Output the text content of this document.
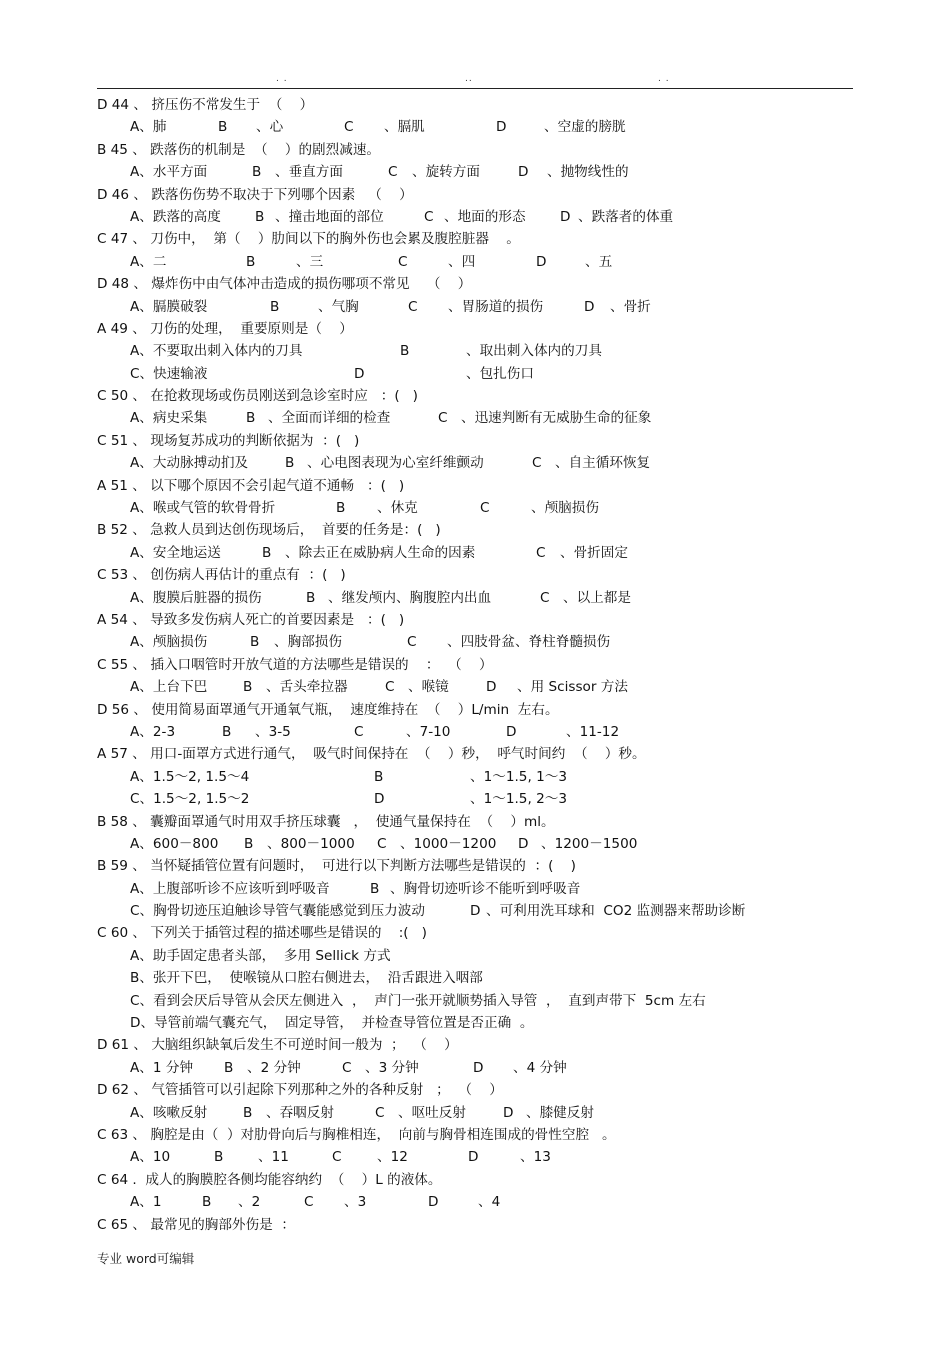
. .	..	. .
D 44 、 挤压伤不常发生于  （    ）
A、肺	B 、心	C 、膈肌	D	、空虚的膀胱
B 45 、 跌落伤的机制是  （    ）的剧烈减速。
A、水平方面	B 、垂直方面	C 、旋转方面	D 、抛物线性的
D 46 、 跌落伤伤势不取决于下列哪个因素   （    ）
A、跌落的高度	B 、撞击地面的部位	C 、地面的形态	D 、跌落者的体重
C 47 、 刀伤中，  第（    ）肋间以下的胸外伤也会累及腹腔脏器    。
A、二	B	、三	C	、四	D	、五
D 48 、 爆炸伤中由气体冲击造成的损伤哪项不常见    （    ）
A、膈膜破裂	B	、气胸	C 、胃肠道的损伤	D 、骨折
A 49 、 刀伤的处理，  重要原则是（    ）
A、不要取出刺入体内的刀具	B	、取出刺入体内的刀具
C、快速输液	D	、包扎伤口
C 50 、 在抢救现场或伤员刚送到急诊室时应   ：(   )
A、病史采集	B 、全面而详细的检查	C 、迅速判断有无威胁生命的征象
C 51 、 现场复苏成功的判断依据为  ：(   )
A、大动脉搏动扪及	B 、心电图表现为心室纤维颤动	C 、自主循环恢复
A 51 、 以下哪个原因不会引起气道不通畅   ：(   )
A、喉或气管的软骨骨折	B 、休克	C	、颅脑损伤
B 52 、 急救人员到达创伤现场后，  首要的任务是：(   )
A、安全地运送	B 、除去正在威胁病人生命的因素	C 、骨折固定
C 53 、 创伤病人再估计的重点有  ：(   )
A、腹膜后脏器的损伤	B 、继发颅内、胸腹腔内出血	C 、以上都是
A 54 、 导致多发伤病人死亡的首要因素是   ：(   )
A、颅脑损伤	B 、胸部损伤	C 、四肢骨盆、脊柱脊髓损伤
C 55 、 插入口咽管时开放气道的方法哪些是错误的    ：  （    ）
A、上台下巴	B 、舌头牵拉器	C 、喉镜	D 、用 Scissor 方法
D 56 、 使用简易面罩通气开通氧气瓶，  速度维持在  （    ）L/min  左右。
A、2-3	B 、3-5	C	、7-10	D	、11-12
A 57 、 用口-面罩方式进行通气，  吸气时间保持在  （    ）秒，  呼气时间约  （    ）秒。
A、1.5～2, 1.5～4	B	、1～1.5, 1～3
C、1.5～2, 1.5～2	D	、1～1.5, 2～3
B 58 、 囊瓣面罩通气时用双手挤压球囊   ，  使通气量保持在  （    ）ml。
A、600－800 B 、800－1000 C 、1000－1200 D 、1200－1500
B 59 、 当怀疑插管位置有问题时，  可进行以下判断方法哪些是错误的  ：(    )
A、上腹部听诊不应该听到呼吸音	B 、胸骨切迹听诊不能听到呼吸音
C、胸骨切迹压迫触诊导管气囊能感觉到压力波动	D 、可利用洗耳球和  CO2 监测器来帮助诊断
C 60 、 下列关于插管过程的描述哪些是错误的    :(   )
A、助手固定患者头部，  多用 Sellick 方式
B、张开下巴，  使喉镜从口腔右侧进去，  沿舌跟进入咽部
C、看到会厌后导管从会厌左侧进入  ，  声门一张开就顺势插入导管  ，  直到声带下  5cm 左右
D、导管前端气囊充气，  固定导管，  并检查导管位置是否正确  。
D 61 、 大脑组织缺氧后发生不可逆时间一般为  ；  （    ）
A、1 分钟 B 、2 分钟	C 、3 分钟	D 、4 分钟
D 62 、 气管插管可以引起除下列那种之外的各种反射   ；  （    ）
A、咳嗽反射	B 、吞咽反射	C 、呕吐反射	D 、膝健反射
C 63 、 胸腔是由（  ）对肋骨向后与胸椎相连，  向前与胸骨相连围成的骨性空腔   。
A、10	B	、11	C	、12	D	、13
C 64 .  成人的胸膜腔各侧均能容纳约  （    ）L 的液体。
A、1	B 、2	C 、3	D	、4
C 65 、 最常见的胸部外伤是  ：
专业 word可编辑
